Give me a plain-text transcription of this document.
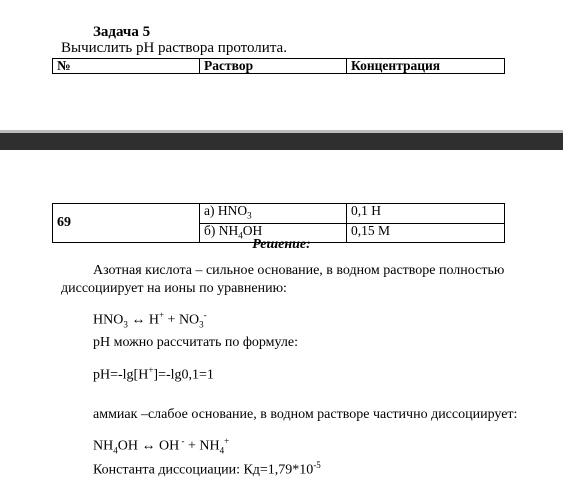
Задача 5
Вычислить pH раствора протолита.
№	Раствор	Концентрация
69	а) $HNO_3$	0,1 Н
	б) $NH_4OH$	0,15 М
Решение:
Азотная кислота – сильное основание, в водном растворе полностью
диссоциирует на ионы по уравнению:
$HNO_3$ ↔ $H^+ + NO_3^-$
pH можно рассчитать по формуле:
pH=-lg[H+]=-lg0,1=1
аммиак –слабое основание, в водном растворе частично диссоциирует:
$NH_4OH$ ↔ OH $^- + NH_4^+$
Константа диссоциации: $Кд=1,79*10^{-5}$
